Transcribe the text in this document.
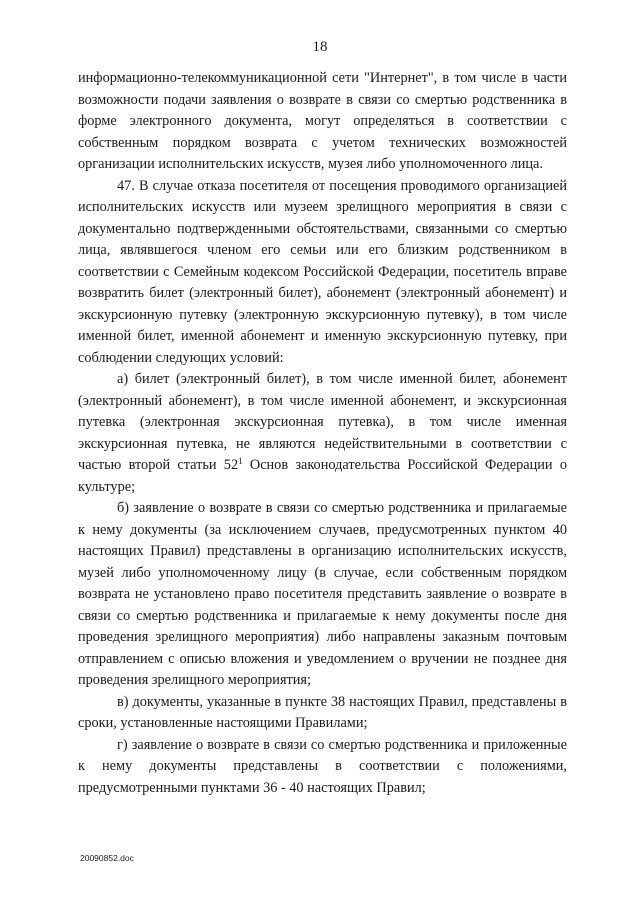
18

информационно-телекоммуникационной сети "Интернет", в том числе в части возможности подачи заявления о возврате в связи со смертью родственника в форме электронного документа, могут определяться в соответствии с собственным порядком возврата с учетом технических возможностей организации исполнительских искусств, музея либо уполномоченного лица.

47. В случае отказа посетителя от посещения проводимого организацией исполнительских искусств или музеем зрелищного мероприятия в связи с документально подтвержденными обстоятельствами, связанными со смертью лица, являвшегося членом его семьи или его близким родственником в соответствии с Семейным кодексом Российской Федерации, посетитель вправе возвратить билет (электронный билет), абонемент (электронный абонемент) и экскурсионную путевку (электронную экскурсионную путевку), в том числе именной билет, именной абонемент и именную экскурсионную путевку, при соблюдении следующих условий:

а) билет (электронный билет), в том числе именной билет, абонемент (электронный абонемент), в том числе именной абонемент, и экскурсионная путевка (электронная экскурсионная путевка), в том числе именная экскурсионная путевка, не являются недействительными в соответствии с частью второй статьи $52^1$ Основ законодательства Российской Федерации о культуре;

б) заявление о возврате в связи со смертью родственника и прилагаемые к нему документы (за исключением случаев, предусмотренных пунктом 40 настоящих Правил) представлены в организацию исполнительских искусств, музей либо уполномоченному лицу (в случае, если собственным порядком возврата не установлено право посетителя представить заявление о возврате в связи со смертью родственника и прилагаемые к нему документы после дня проведения зрелищного мероприятия) либо направлены заказным почтовым отправлением с описью вложения и уведомлением о вручении не позднее дня проведения зрелищного мероприятия;

в) документы, указанные в пункте 38 настоящих Правил, представлены в сроки, установленные настоящими Правилами;

г) заявление о возврате в связи со смертью родственника и приложенные к нему документы представлены в соответствии с положениями, предусмотренными пунктами 36 - 40 настоящих Правил;

20090852.doc
